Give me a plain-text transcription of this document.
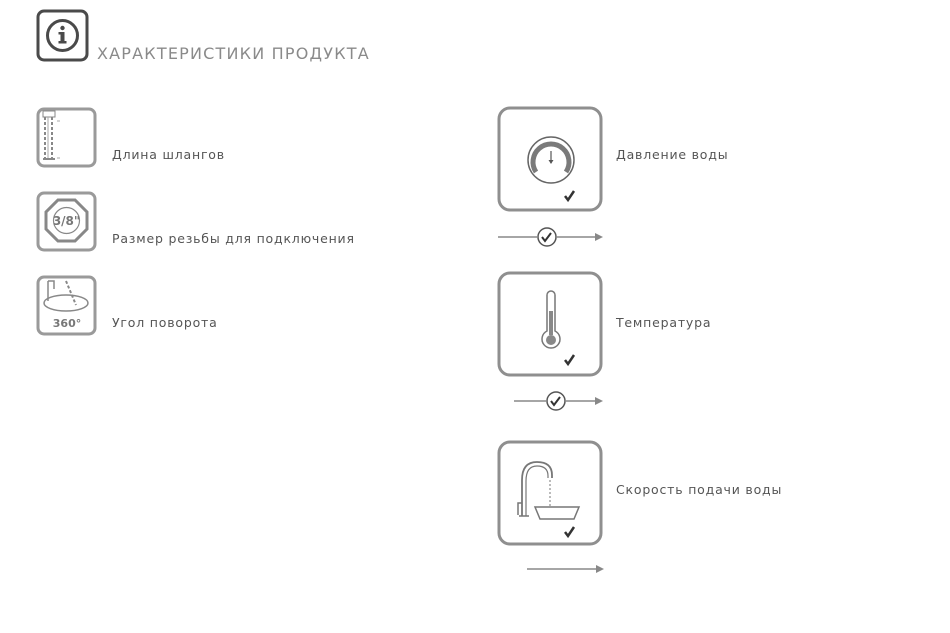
ХАРАКТЕРИСТИКИ ПРОДУКТА
Длина шлангов
3/8"
Размер резьбы для подключения
360° Угол поворота
Давление воды
Температура
Скорость подачи воды
